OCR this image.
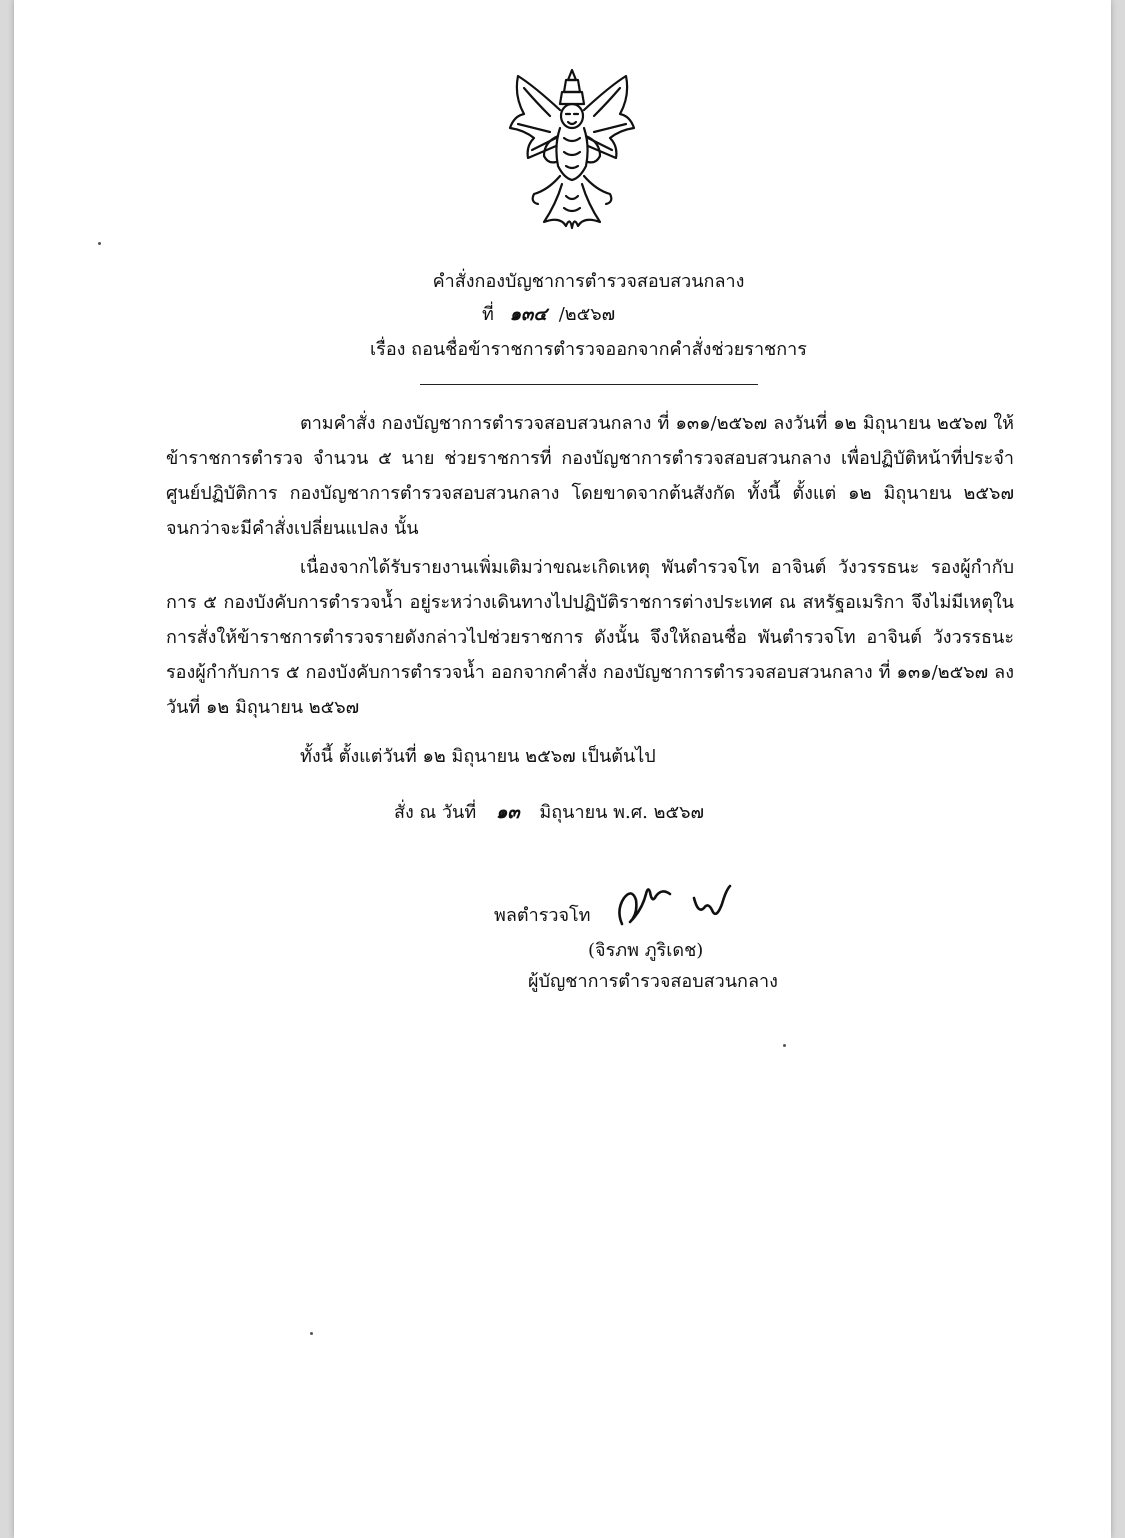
คำสั่งกองบัญชาการตำรวจสอบสวนกลาง
ที่ ๑๓๔ /๒๕๖๗
เรื่อง ถอนชื่อข้าราชการตำรวจออกจากคำสั่งช่วยราชการ
ตามคำสั่ง กองบัญชาการตำรวจสอบสวนกลาง ที่ ๑๓๑/๒๕๖๗ ลงวันที่ ๑๒ มิถุนายน ๒๕๖๗ ให้ข้าราชการตำรวจ จำนวน ๕ นาย ช่วยราชการที่ กองบัญชาการตำรวจสอบสวนกลาง เพื่อปฏิบัติหน้าที่ประจำศูนย์ปฏิบัติการ กองบัญชาการตำรวจสอบสวนกลาง โดยขาดจากต้นสังกัด ทั้งนี้ ตั้งแต่ ๑๒ มิถุนายน ๒๕๖๗ จนกว่าจะมีคำสั่งเปลี่ยนแปลง นั้น
เนื่องจากได้รับรายงานเพิ่มเติมว่าขณะเกิดเหตุ พันตำรวจโท อาจินต์ วังวรรธนะ รองผู้กำกับการ ๕ กองบังคับการตำรวจน้ำ อยู่ระหว่างเดินทางไปปฏิบัติราชการต่างประเทศ ณ สหรัฐอเมริกา จึงไม่มีเหตุในการสั่งให้ข้าราชการตำรวจรายดังกล่าวไปช่วยราชการ ดังนั้น จึงให้ถอนชื่อ พันตำรวจโท อาจินต์ วังวรรธนะ รองผู้กำกับการ ๕ กองบังคับการตำรวจน้ำ ออกจากคำสั่ง กองบัญชาการตำรวจสอบสวนกลาง ที่ ๑๓๑/๒๕๖๗ ลงวันที่ ๑๒ มิถุนายน ๒๕๖๗
ทั้งนี้ ตั้งแต่วันที่ ๑๒ มิถุนายน ๒๕๖๗ เป็นต้นไป
สั่ง ณ วันที่ ๑๓ มิถุนายน พ.ศ. ๒๕๖๗
พลตำรวจโท
(จิรภพ ภูริเดช)
ผู้บัญชาการตำรวจสอบสวนกลาง
